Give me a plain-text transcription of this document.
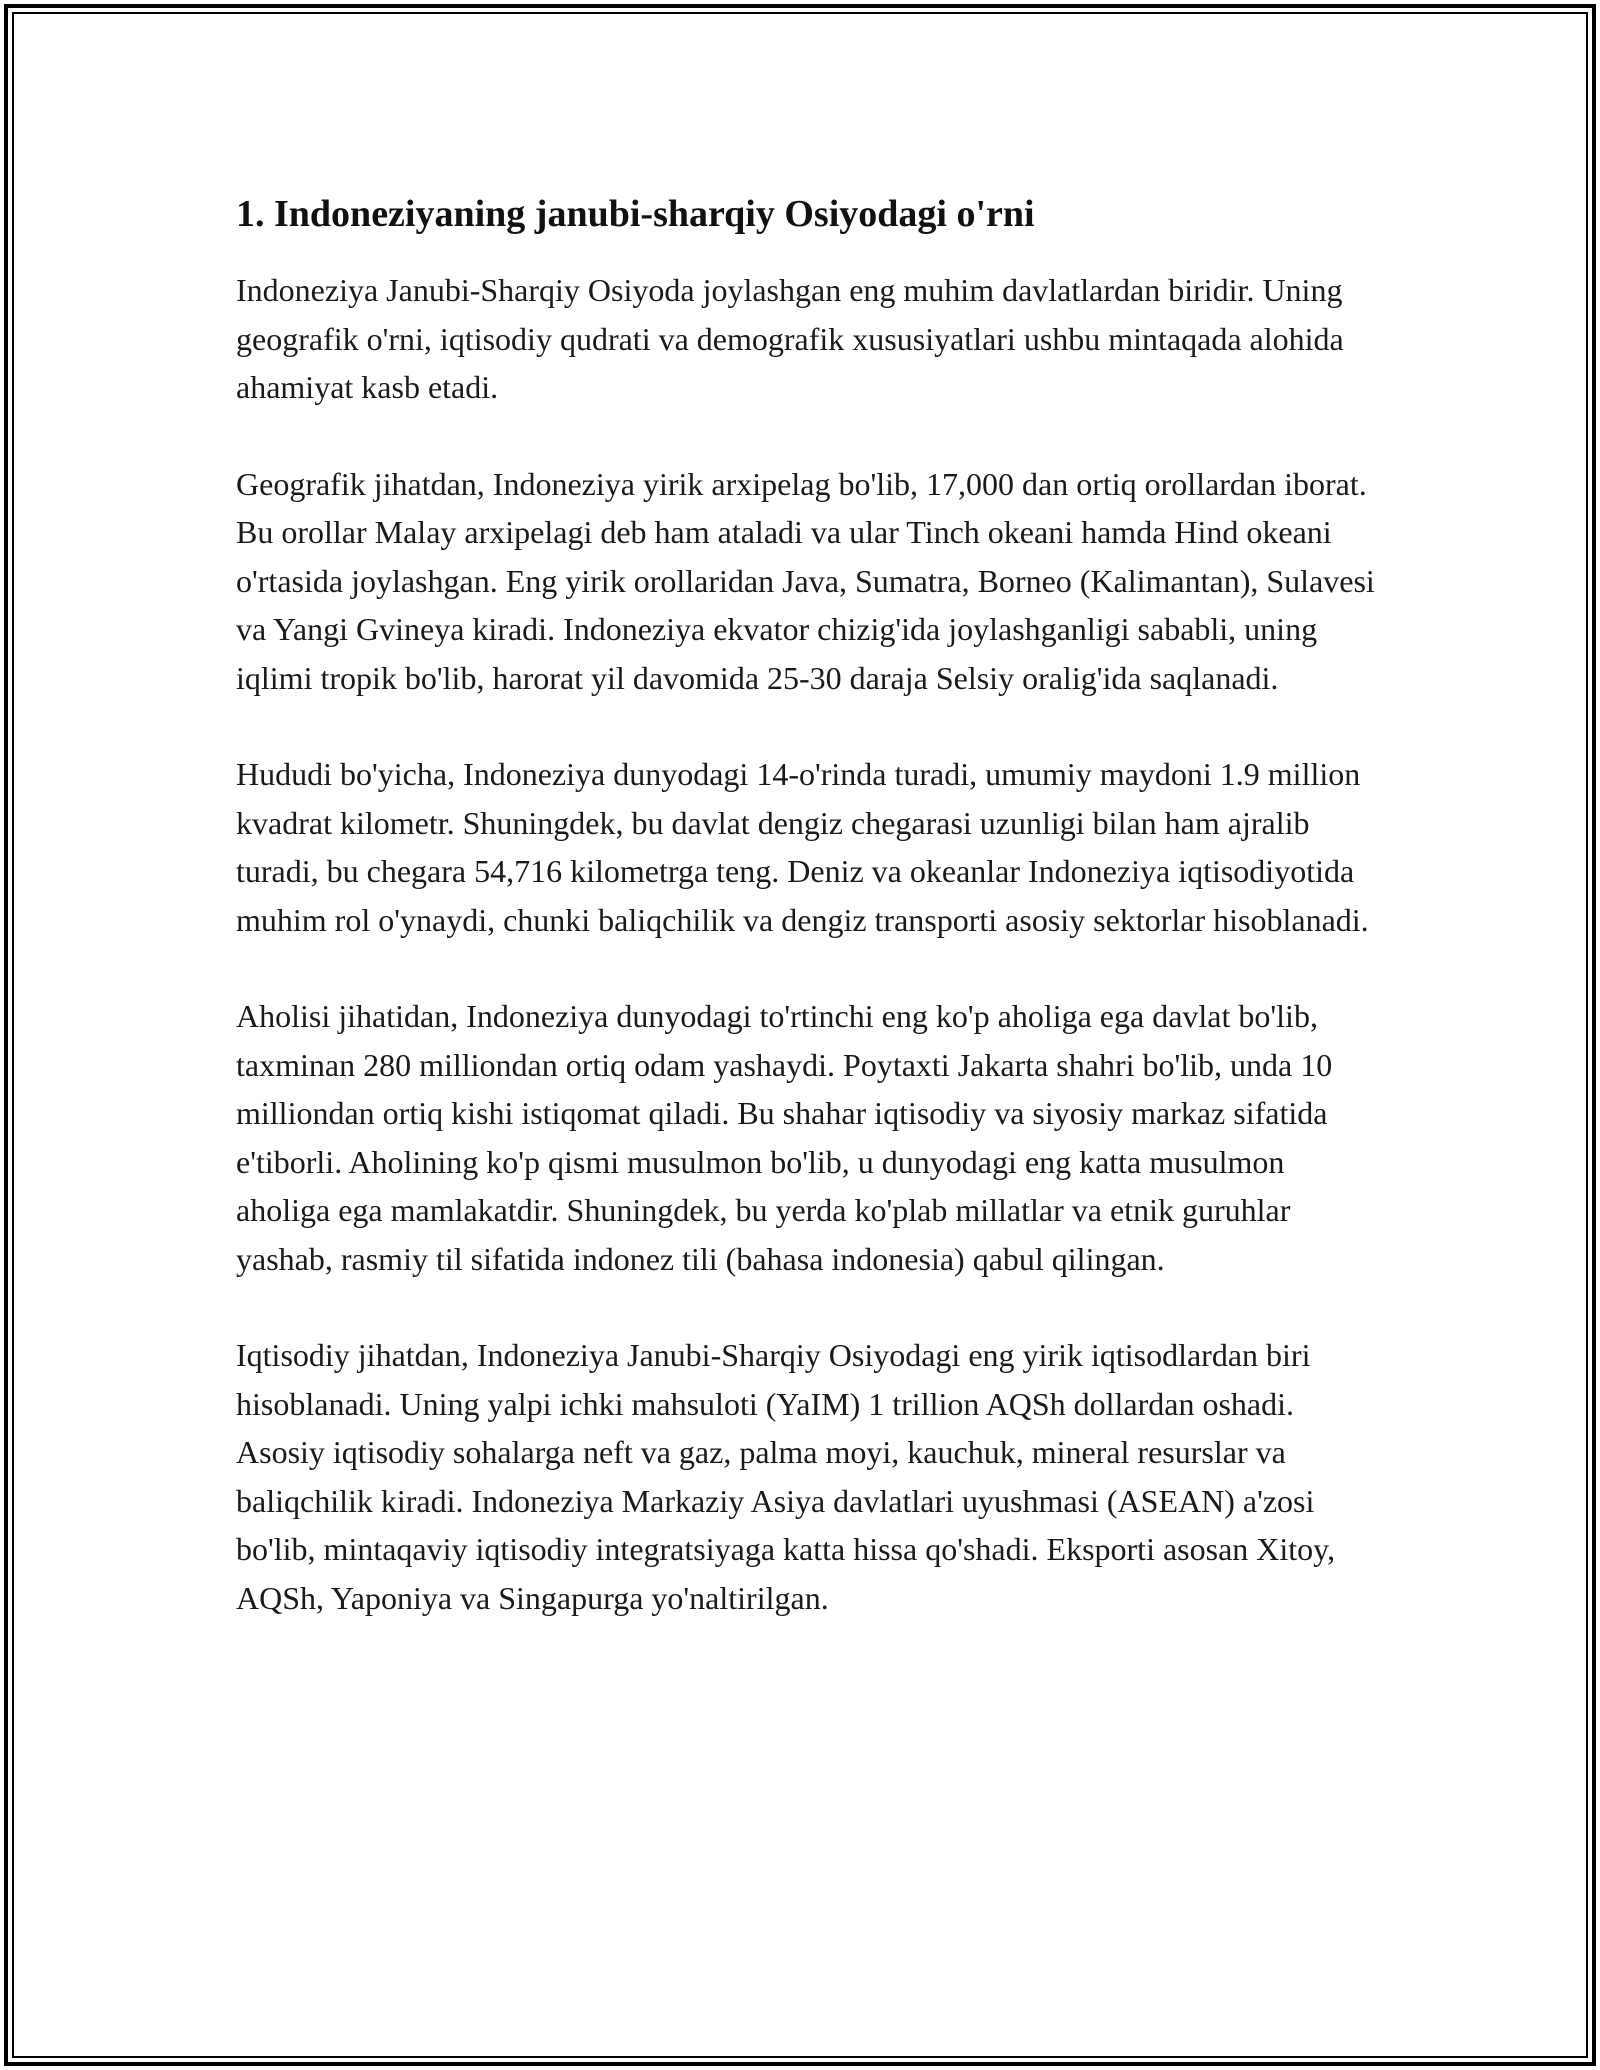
1. Indoneziyaning janubi-sharqiy Osiyodagi o'rni

Indoneziya Janubi-Sharqiy Osiyoda joylashgan eng muhim davlatlardan biridir. Uning geografik o'rni, iqtisodiy qudrati va demografik xususiyatlari ushbu mintaqada alohida ahamiyat kasb etadi.

Geografik jihatdan, Indoneziya yirik arxipelag bo'lib, 17,000 dan ortiq orollardan iborat. Bu orollar Malay arxipelagi deb ham ataladi va ular Tinch okeani hamda Hind okeani o'rtasida joylashgan. Eng yirik orollaridan Java, Sumatra, Borneo (Kalimantan), Sulavesi va Yangi Gvineya kiradi. Indoneziya ekvator chizig'ida joylashganligi sababli, uning iqlimi tropik bo'lib, harorat yil davomida 25-30 daraja Selsiy oralig'ida saqlanadi.

Hududi bo'yicha, Indoneziya dunyodagi 14-o'rinda turadi, umumiy maydoni 1.9 million kvadrat kilometr. Shuningdek, bu davlat dengiz chegarasi uzunligi bilan ham ajralib turadi, bu chegara 54,716 kilometrga teng. Deniz va okeanlar Indoneziya iqtisodiyotida muhim rol o'ynaydi, chunki baliqchilik va dengiz transporti asosiy sektorlar hisoblanadi.

Aholisi jihatidan, Indoneziya dunyodagi to'rtinchi eng ko'p aholiga ega davlat bo'lib, taxminan 280 milliondan ortiq odam yashaydi. Poytaxti Jakarta shahri bo'lib, unda 10 milliondan ortiq kishi istiqomat qiladi. Bu shahar iqtisodiy va siyosiy markaz sifatida e'tiborli. Aholining ko'p qismi musulmon bo'lib, u dunyodagi eng katta musulmon aholiga ega mamlakatdir. Shuningdek, bu yerda ko'plab millatlar va etnik guruhlar yashab, rasmiy til sifatida indonez tili (bahasa indonesia) qabul qilingan.

Iqtisodiy jihatdan, Indoneziya Janubi-Sharqiy Osiyodagi eng yirik iqtisodlardan biri hisoblanadi. Uning yalpi ichki mahsuloti (YaIM) 1 trillion AQSh dollardan oshadi. Asosiy iqtisodiy sohalarga neft va gaz, palma moyi, kauchuk, mineral resurslar va baliqchilik kiradi. Indoneziya Markaziy Asiya davlatlari uyushmasi (ASEAN) a'zosi bo'lib, mintaqaviy iqtisodiy integratsiyaga katta hissa qo'shadi. Eksporti asosan Xitoy, AQSh, Yaponiya va Singapurga yo'naltirilgan.
